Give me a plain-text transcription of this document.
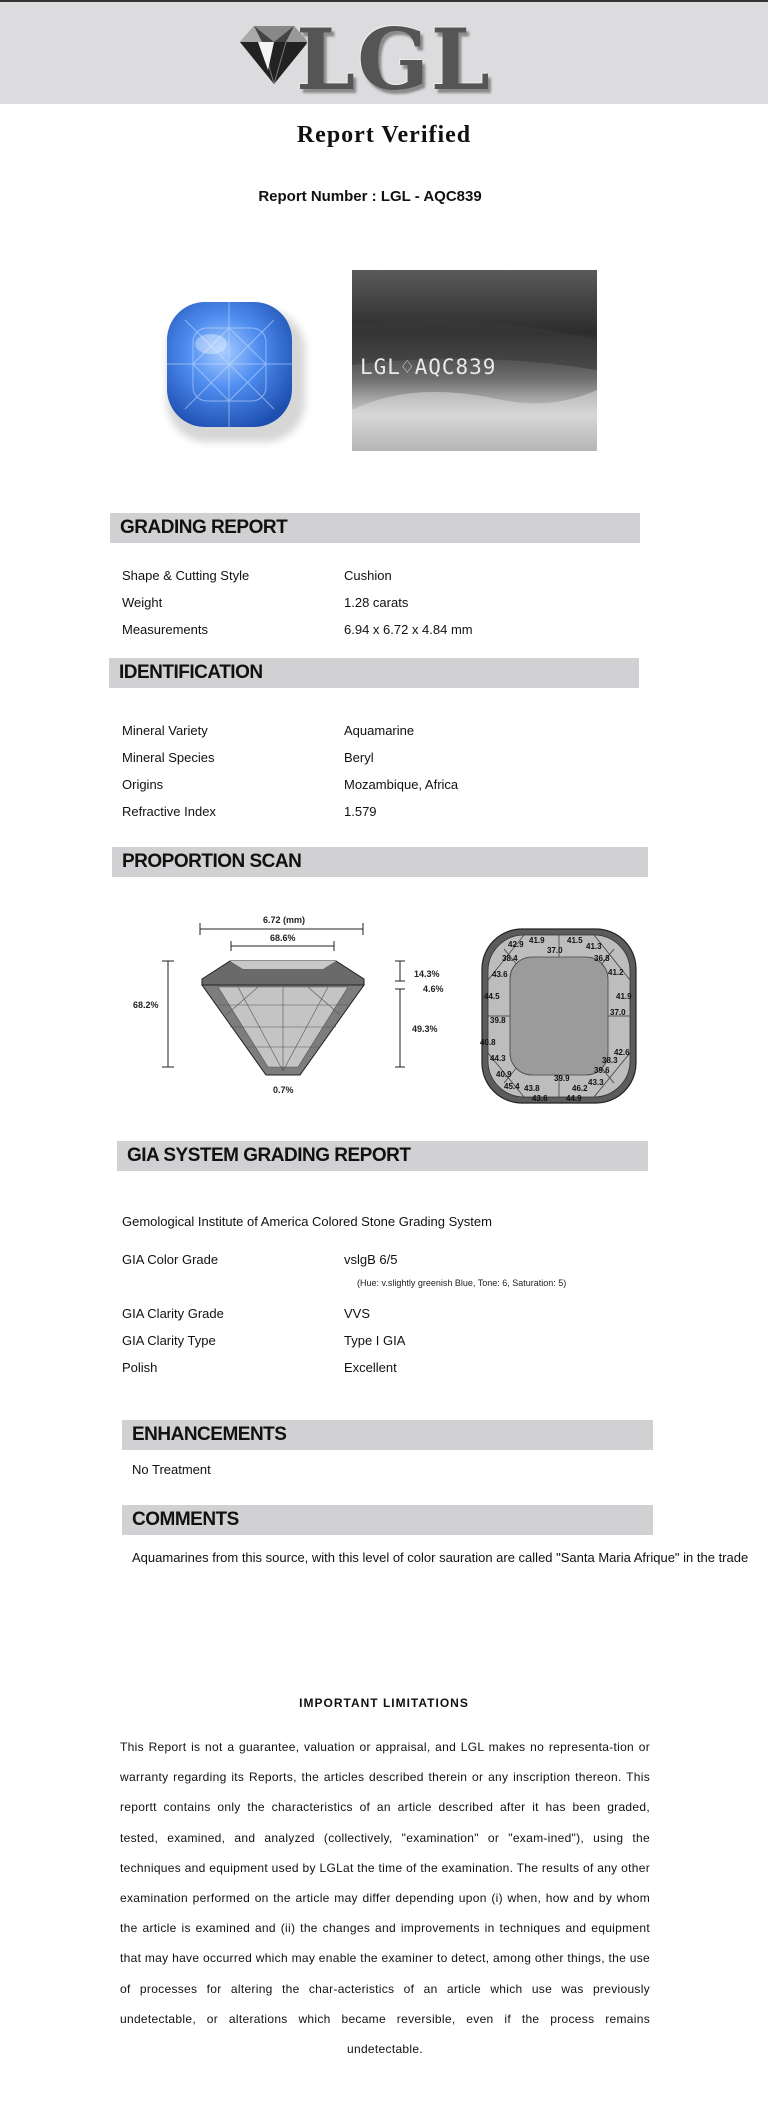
LGL
Report Verified
Report Number : LGL - AQC839
LGL♢AQC839
GRADING REPORT
Shape & Cutting Style	Cushion
Weight	1.28 carats
Measurements	6.94 x 6.72 x 4.84 mm
IDENTIFICATION
Mineral Variety	Aquamarine
Mineral Species	Beryl
Origins	Mozambique, Africa
Refractive Index	1.579
PROPORTION SCAN
6.72 (mm)
68.6%
68.2%
14.3%
4.6%
49.3%
0.7%
42.9 41.9	41.5
41.3
37.0
38.4	36.8
43.6	41.2
44.5
39.8
37.0
41.9
40.8
42.6
44.3	38.3
39.6
40.9	39.9 43.3
45.4 43.8	46.2
43.6 44.9
GIA SYSTEM GRADING REPORT
Gemological Institute of America Colored Stone Grading System
GIA Color Grade	vslgB 6/5
(Hue: v.slightly greenish Blue, Tone: 6, Saturation: 5)
GIA Clarity Grade	VVS
GIA Clarity Type	Type I GIA
Polish	Excellent
ENHANCEMENTS
No Treatment
COMMENTS
Aquamarines from this source, with this level of color sauration are called "Santa Maria Afrique" in the trade
IMPORTANT LIMITATIONS
This Report is not a guarantee, valuation or appraisal, and LGL makes no representa-tion or warranty regarding its Reports, the articles described therein or any inscription thereon. This reportt contains only the characteristics of an article described after it has been graded, tested, examined, and analyzed (collectively, "examination" or "exam-ined"), using the techniques and equipment used by LGLat the time of the examination. The results of any other examination performed on the article may differ depending upon (i) when, how and by whom the article is examined and (ii) the changes and improvements in techniques and equipment that may have occurred which may enable the examiner to detect, among other things, the use of processes for altering the char-acteristics of an article which use was previously undetectable, or alterations which became reversible, even if the process remains undetectable.
